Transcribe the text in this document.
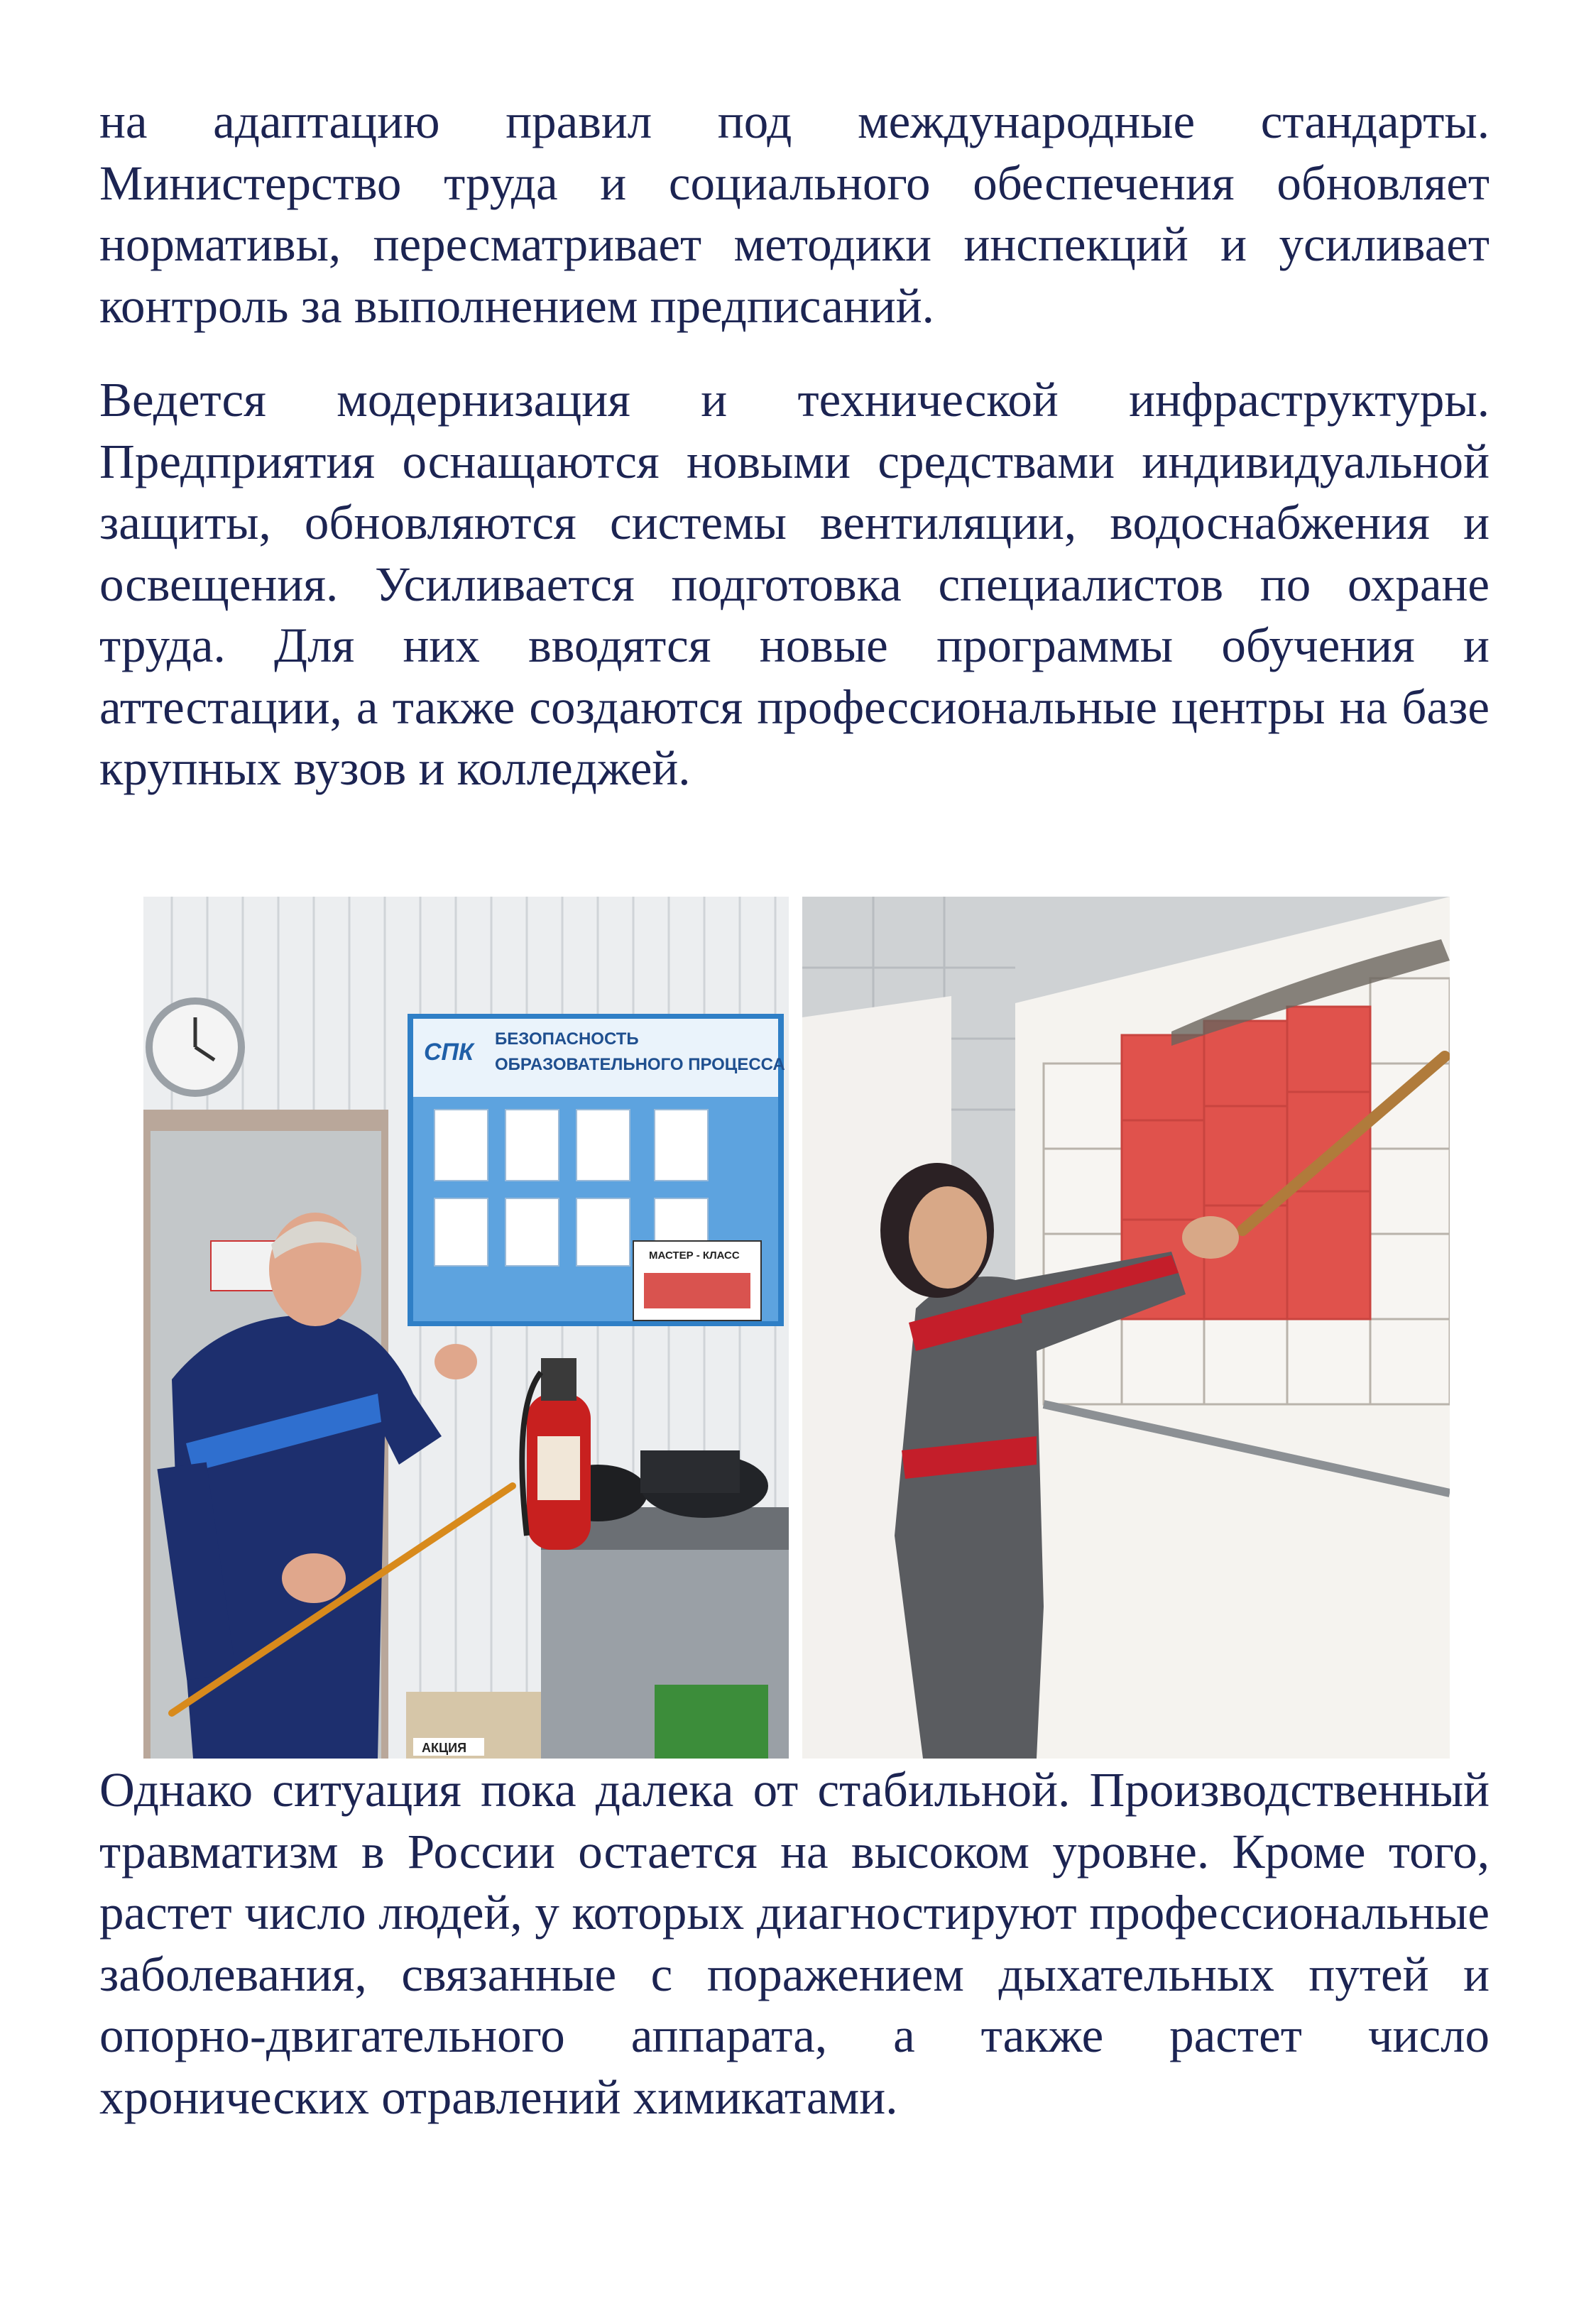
на адаптацию правил под международные стандарты. Министерство труда и социального обеспечения обновляет нормативы, пересматривает методики инспекций и усиливает контроль за выполнением предписаний.

Ведется модернизация и технической инфраструктуры. Предприятия оснащаются новыми средствами индивидуальной защиты, обновляются системы вентиляции, водоснабжения и освещения. Усиливается подготовка специалистов по охране труда. Для них вводятся новые программы обучения и аттестации, а также создаются профессиональные центры на базе крупных вузов и колледжей.

СПК БЕЗОПАСНОСТЬ
ОБРАЗОВАТЕЛЬНОГО ПРОЦЕССА
МАСТЕР - КЛАСС
АКЦИЯ

Однако ситуация пока далека от стабильной. Производственный травматизм в России остается на высоком уровне. Кроме того, растет число людей, у которых диагностируют профессиональные заболевания, связанные с поражением дыхательных путей и опорно-двигательного аппарата, а также растет число хронических отравлений химикатами.
